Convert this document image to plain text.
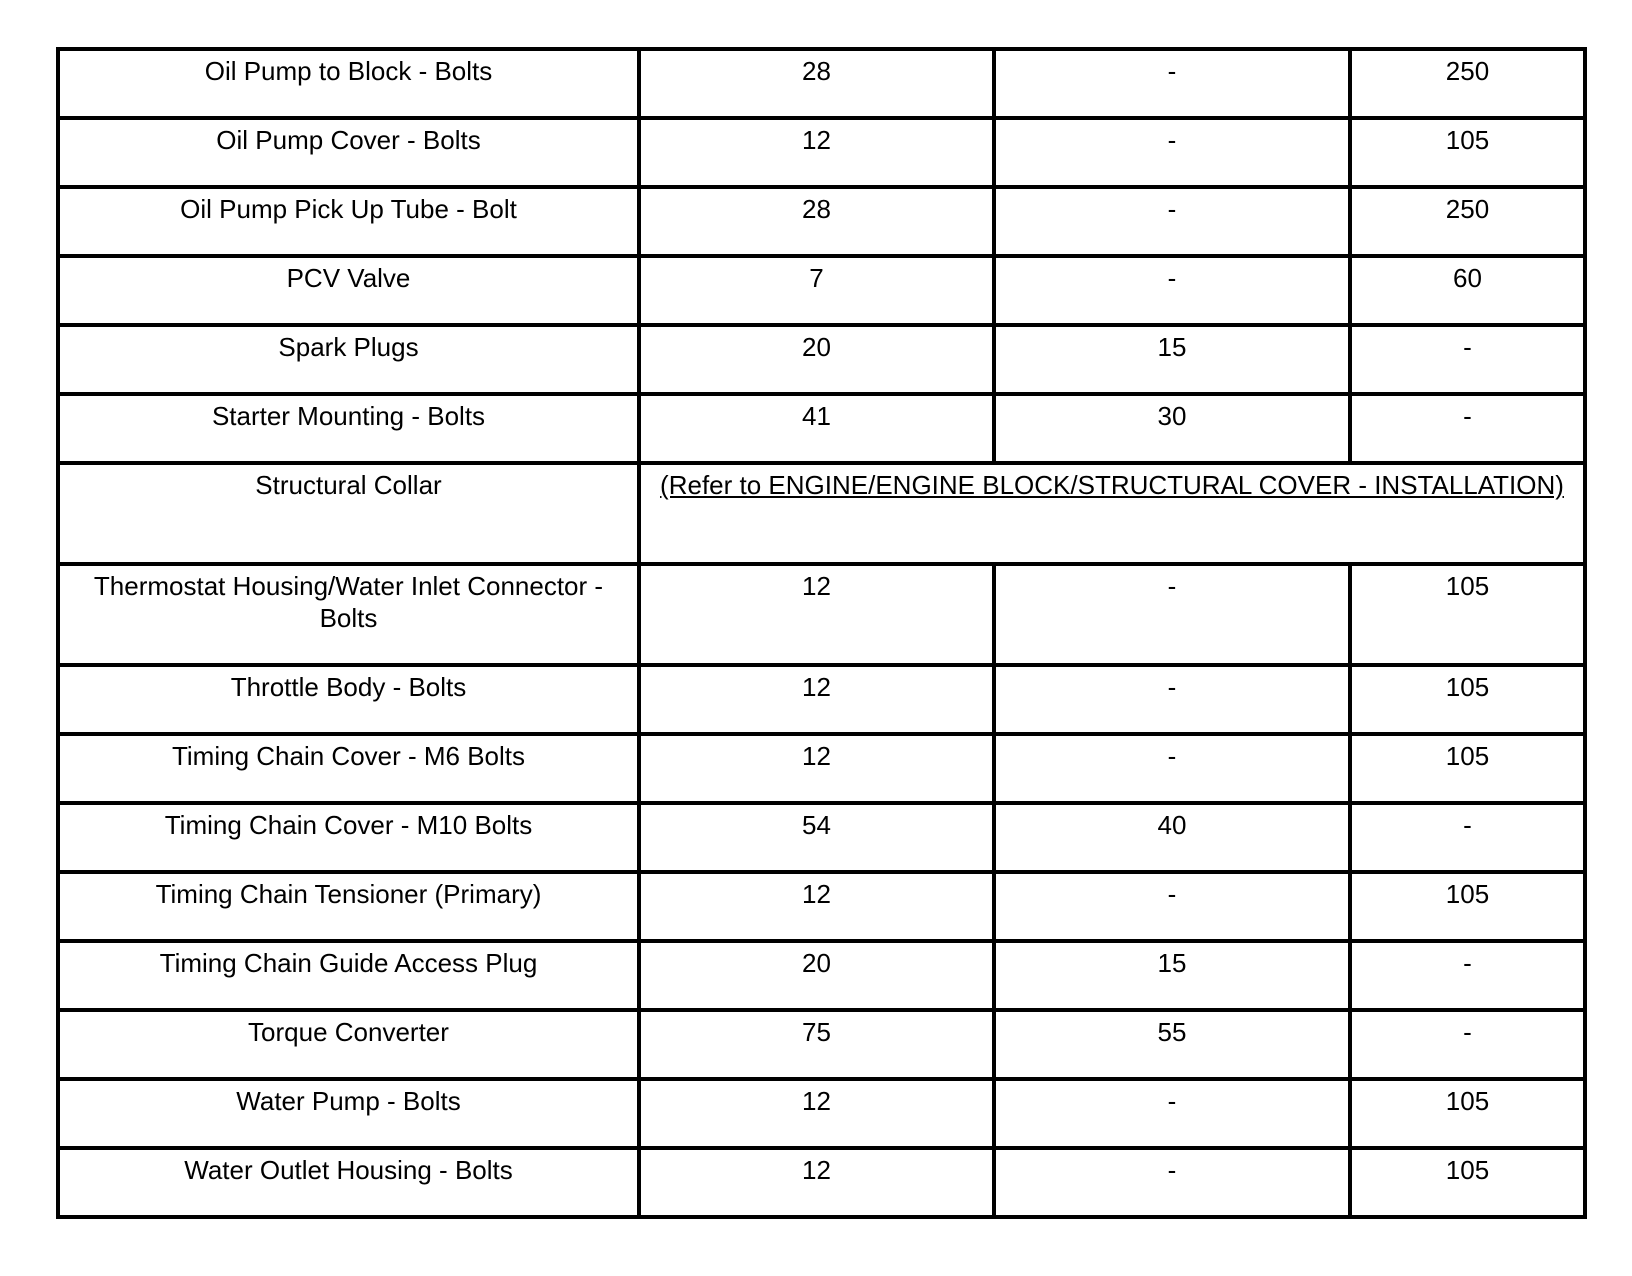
Oil Pump to Block - Bolts	28	-	250
Oil Pump Cover - Bolts	12	-	105
Oil Pump Pick Up Tube - Bolt	28	-	250
PCV Valve	7	-	60
Spark Plugs	20	15	-
Starter Mounting - Bolts	41	30	-
Structural Collar	(Refer to ENGINE/ENGINE BLOCK/STRUCTURAL COVER - INSTALLATION)		
Thermostat Housing/Water Inlet Connector - Bolts	12	-	105
Throttle Body - Bolts	12	-	105
Timing Chain Cover - M6 Bolts	12	-	105
Timing Chain Cover - M10 Bolts	54	40	-
Timing Chain Tensioner (Primary)	12	-	105
Timing Chain Guide Access Plug	20	15	-
Torque Converter	75	55	-
Water Pump - Bolts	12	-	105
Water Outlet Housing - Bolts	12	-	105
